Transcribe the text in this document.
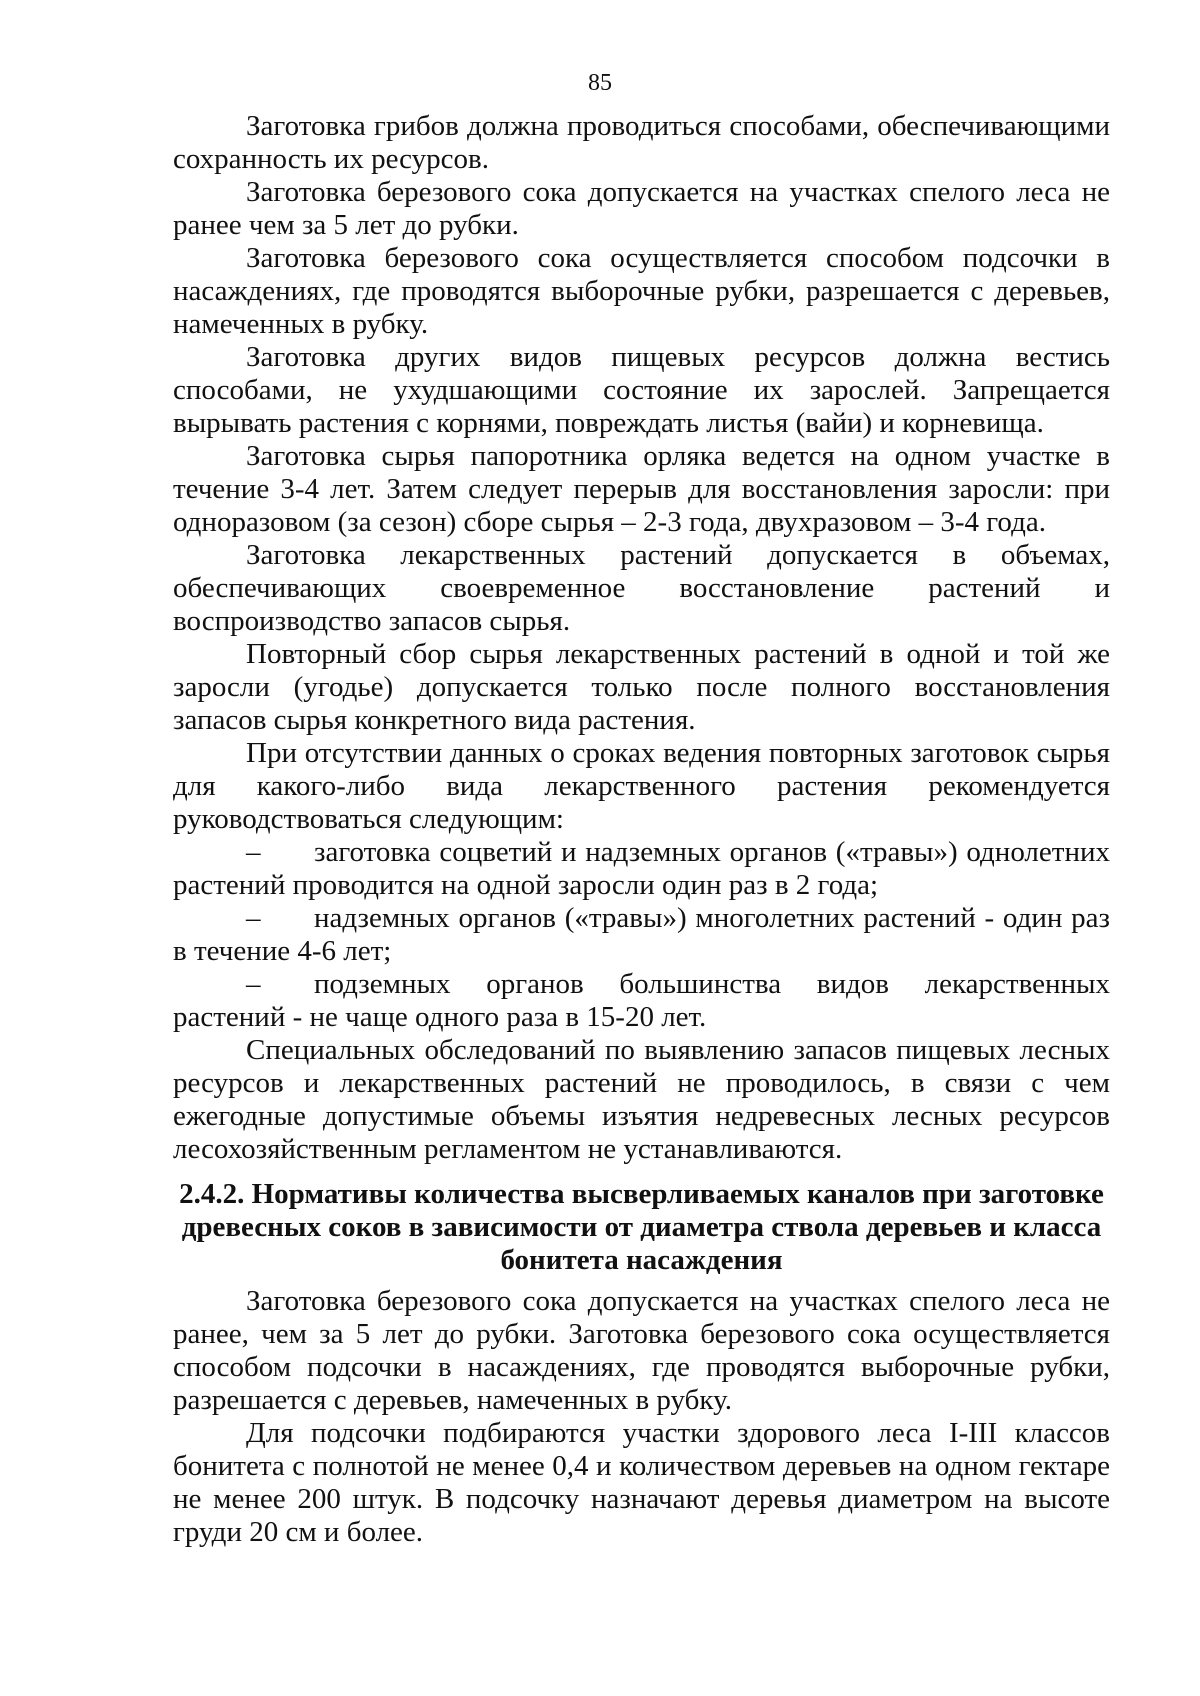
85

Заготовка грибов должна проводиться способами, обеспечивающими сохранность их ресурсов.

Заготовка березового сока допускается на участках спелого леса не ранее чем за 5 лет до рубки.

Заготовка березового сока осуществляется способом подсочки в насаждениях, где проводятся выборочные рубки, разрешается с деревьев, намеченных в рубку.

Заготовка других видов пищевых ресурсов должна вестись способами, не ухудшающими состояние их зарослей. Запрещается вырывать растения с корнями, повреждать листья (вайи) и корневища.

Заготовка сырья папоротника орляка ведется на одном участке в течение 3-4 лет. Затем следует перерыв для восстановления заросли: при одноразовом (за сезон) сборе сырья – 2-3 года, двухразовом – 3-4 года.

Заготовка лекарственных растений допускается в объемах, обеспечивающих своевременное восстановление растений и воспроизводство запасов сырья.

Повторный сбор сырья лекарственных растений в одной и той же заросли (угодье) допускается только после полного восстановления запасов сырья конкретного вида растения.

При отсутствии данных о сроках ведения повторных заготовок сырья для какого-либо вида лекарственного растения рекомендуется руководствоваться следующим:

– заготовка соцветий и надземных органов («травы») однолетних растений проводится на одной заросли один раз в 2 года;

– надземных органов («травы») многолетних растений - один раз в течение 4-6 лет;

– подземных органов большинства видов лекарственных растений - не чаще одного раза в 15-20 лет.

Специальных обследований по выявлению запасов пищевых лесных ресурсов и лекарственных растений не проводилось, в связи с чем ежегодные допустимые объемы изъятия недревесных лесных ресурсов лесохозяйственным регламентом не устанавливаются.

2.4.2. Нормативы количества высверливаемых каналов при заготовке древесных соков в зависимости от диаметра ствола деревьев и класса бонитета насаждения

Заготовка березового сока допускается на участках спелого леса не ранее, чем за 5 лет до рубки. Заготовка березового сока осуществляется способом подсочки в насаждениях, где проводятся выборочные рубки, разрешается с деревьев, намеченных в рубку.

Для подсочки подбираются участки здорового леса I-III классов бонитета с полнотой не менее 0,4 и количеством деревьев на одном гектаре не менее 200 штук. В подсочку назначают деревья диаметром на высоте груди 20 см и более.
